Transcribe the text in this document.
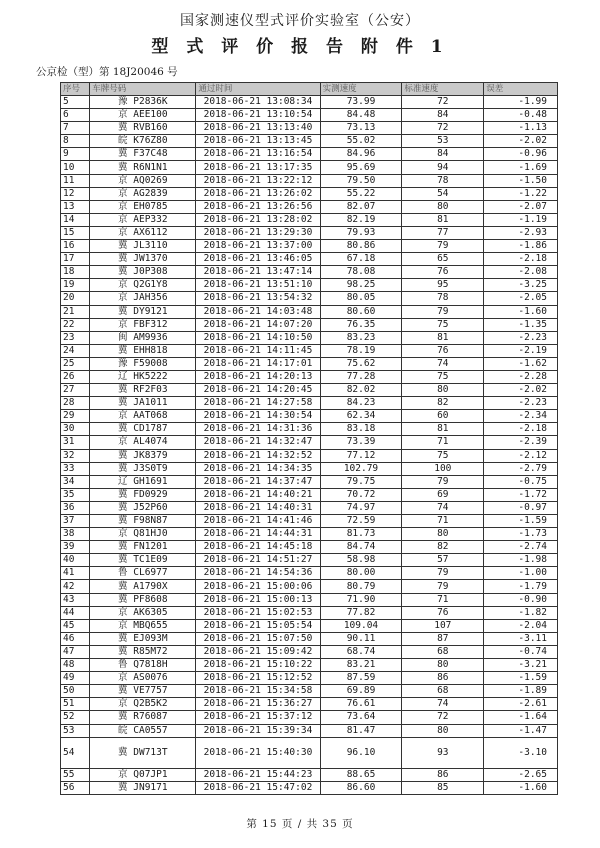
国家测速仪型式评价实验室（公安）
型 式 评 价 报 告 附 件 1
公京检（型）第 18J20046 号
序号	车牌号码	通过时间	实测速度	标准速度	误差
5	豫 P2836K	2018-06-21 13:08:34	73.99	72	-1.99
6	京 AEE100	2018-06-21 13:10:54	84.48	84	-0.48
7	冀 RVB160	2018-06-21 13:13:40	73.13	72	-1.13
8	皖 K76Z80	2018-06-21 13:13:45	55.02	53	-2.02
9	冀 F37C48	2018-06-21 13:16:54	84.96	84	-0.96
10	冀 R6N1N1	2018-06-21 13:17:35	95.69	94	-1.69
11	京 AQ0269	2018-06-21 13:22:12	79.50	78	-1.50
12	京 AG2839	2018-06-21 13:26:02	55.22	54	-1.22
13	京 EH0785	2018-06-21 13:26:56	82.07	80	-2.07
14	京 AEP332	2018-06-21 13:28:02	82.19	81	-1.19
15	京 AX6112	2018-06-21 13:29:30	79.93	77	-2.93
16	冀 JL3110	2018-06-21 13:37:00	80.86	79	-1.86
17	冀 JW1370	2018-06-21 13:46:05	67.18	65	-2.18
18	冀 J0P308	2018-06-21 13:47:14	78.08	76	-2.08
19	京 Q2G1Y8	2018-06-21 13:51:10	98.25	95	-3.25
20	京 JAH356	2018-06-21 13:54:32	80.05	78	-2.05
21	冀 DY9121	2018-06-21 14:03:48	80.60	79	-1.60
22	京 FBF312	2018-06-21 14:07:20	76.35	75	-1.35
23	闽 AM9936	2018-06-21 14:10:50	83.23	81	-2.23
24	冀 EHH818	2018-06-21 14:11:45	78.19	76	-2.19
25	豫 F59008	2018-06-21 14:17:01	75.62	74	-1.62
26	辽 HK5222	2018-06-21 14:20:13	77.28	75	-2.28
27	冀 RF2F03	2018-06-21 14:20:45	82.02	80	-2.02
28	冀 JA1011	2018-06-21 14:27:58	84.23	82	-2.23
29	京 AAT068	2018-06-21 14:30:54	62.34	60	-2.34
30	冀 CD1787	2018-06-21 14:31:36	83.18	81	-2.18
31	京 AL4074	2018-06-21 14:32:47	73.39	71	-2.39
32	冀 JK8379	2018-06-21 14:32:52	77.12	75	-2.12
33	冀 J3S0T9	2018-06-21 14:34:35	102.79	100	-2.79
34	辽 GH1691	2018-06-21 14:37:47	79.75	79	-0.75
35	冀 FD0929	2018-06-21 14:40:21	70.72	69	-1.72
36	冀 J52P60	2018-06-21 14:40:31	74.97	74	-0.97
37	冀 F98N87	2018-06-21 14:41:46	72.59	71	-1.59
38	京 Q81HJ0	2018-06-21 14:44:31	81.73	80	-1.73
39	冀 FN1201	2018-06-21 14:45:18	84.74	82	-2.74
40	冀 TC1E09	2018-06-21 14:51:27	58.98	57	-1.98
41	鲁 CL6977	2018-06-21 14:54:36	80.00	79	-1.00
42	冀 A1790X	2018-06-21 15:00:06	80.79	79	-1.79
43	冀 PF8608	2018-06-21 15:00:13	71.90	71	-0.90
44	京 AK6305	2018-06-21 15:02:53	77.82	76	-1.82
45	京 MBQ655	2018-06-21 15:05:54	109.04	107	-2.04
46	冀 EJ093M	2018-06-21 15:07:50	90.11	87	-3.11
47	冀 R85M72	2018-06-21 15:09:42	68.74	68	-0.74
48	鲁 Q7818H	2018-06-21 15:10:22	83.21	80	-3.21
49	京 AS0076	2018-06-21 15:12:52	87.59	86	-1.59
50	冀 VE7757	2018-06-21 15:34:58	69.89	68	-1.89
51	京 Q2B5K2	2018-06-21 15:36:27	76.61	74	-2.61
52	冀 R76087	2018-06-21 15:37:12	73.64	72	-1.64
53	皖 CA0557	2018-06-21 15:39:34	81.47	80	-1.47
54	冀 DW713T	2018-06-21 15:40:30	96.10	93	-3.10
55	京 Q07JP1	2018-06-21 15:44:23	88.65	86	-2.65
56	冀 JN9171	2018-06-21 15:47:02	86.60	85	-1.60
第 15 页 / 共 35 页
